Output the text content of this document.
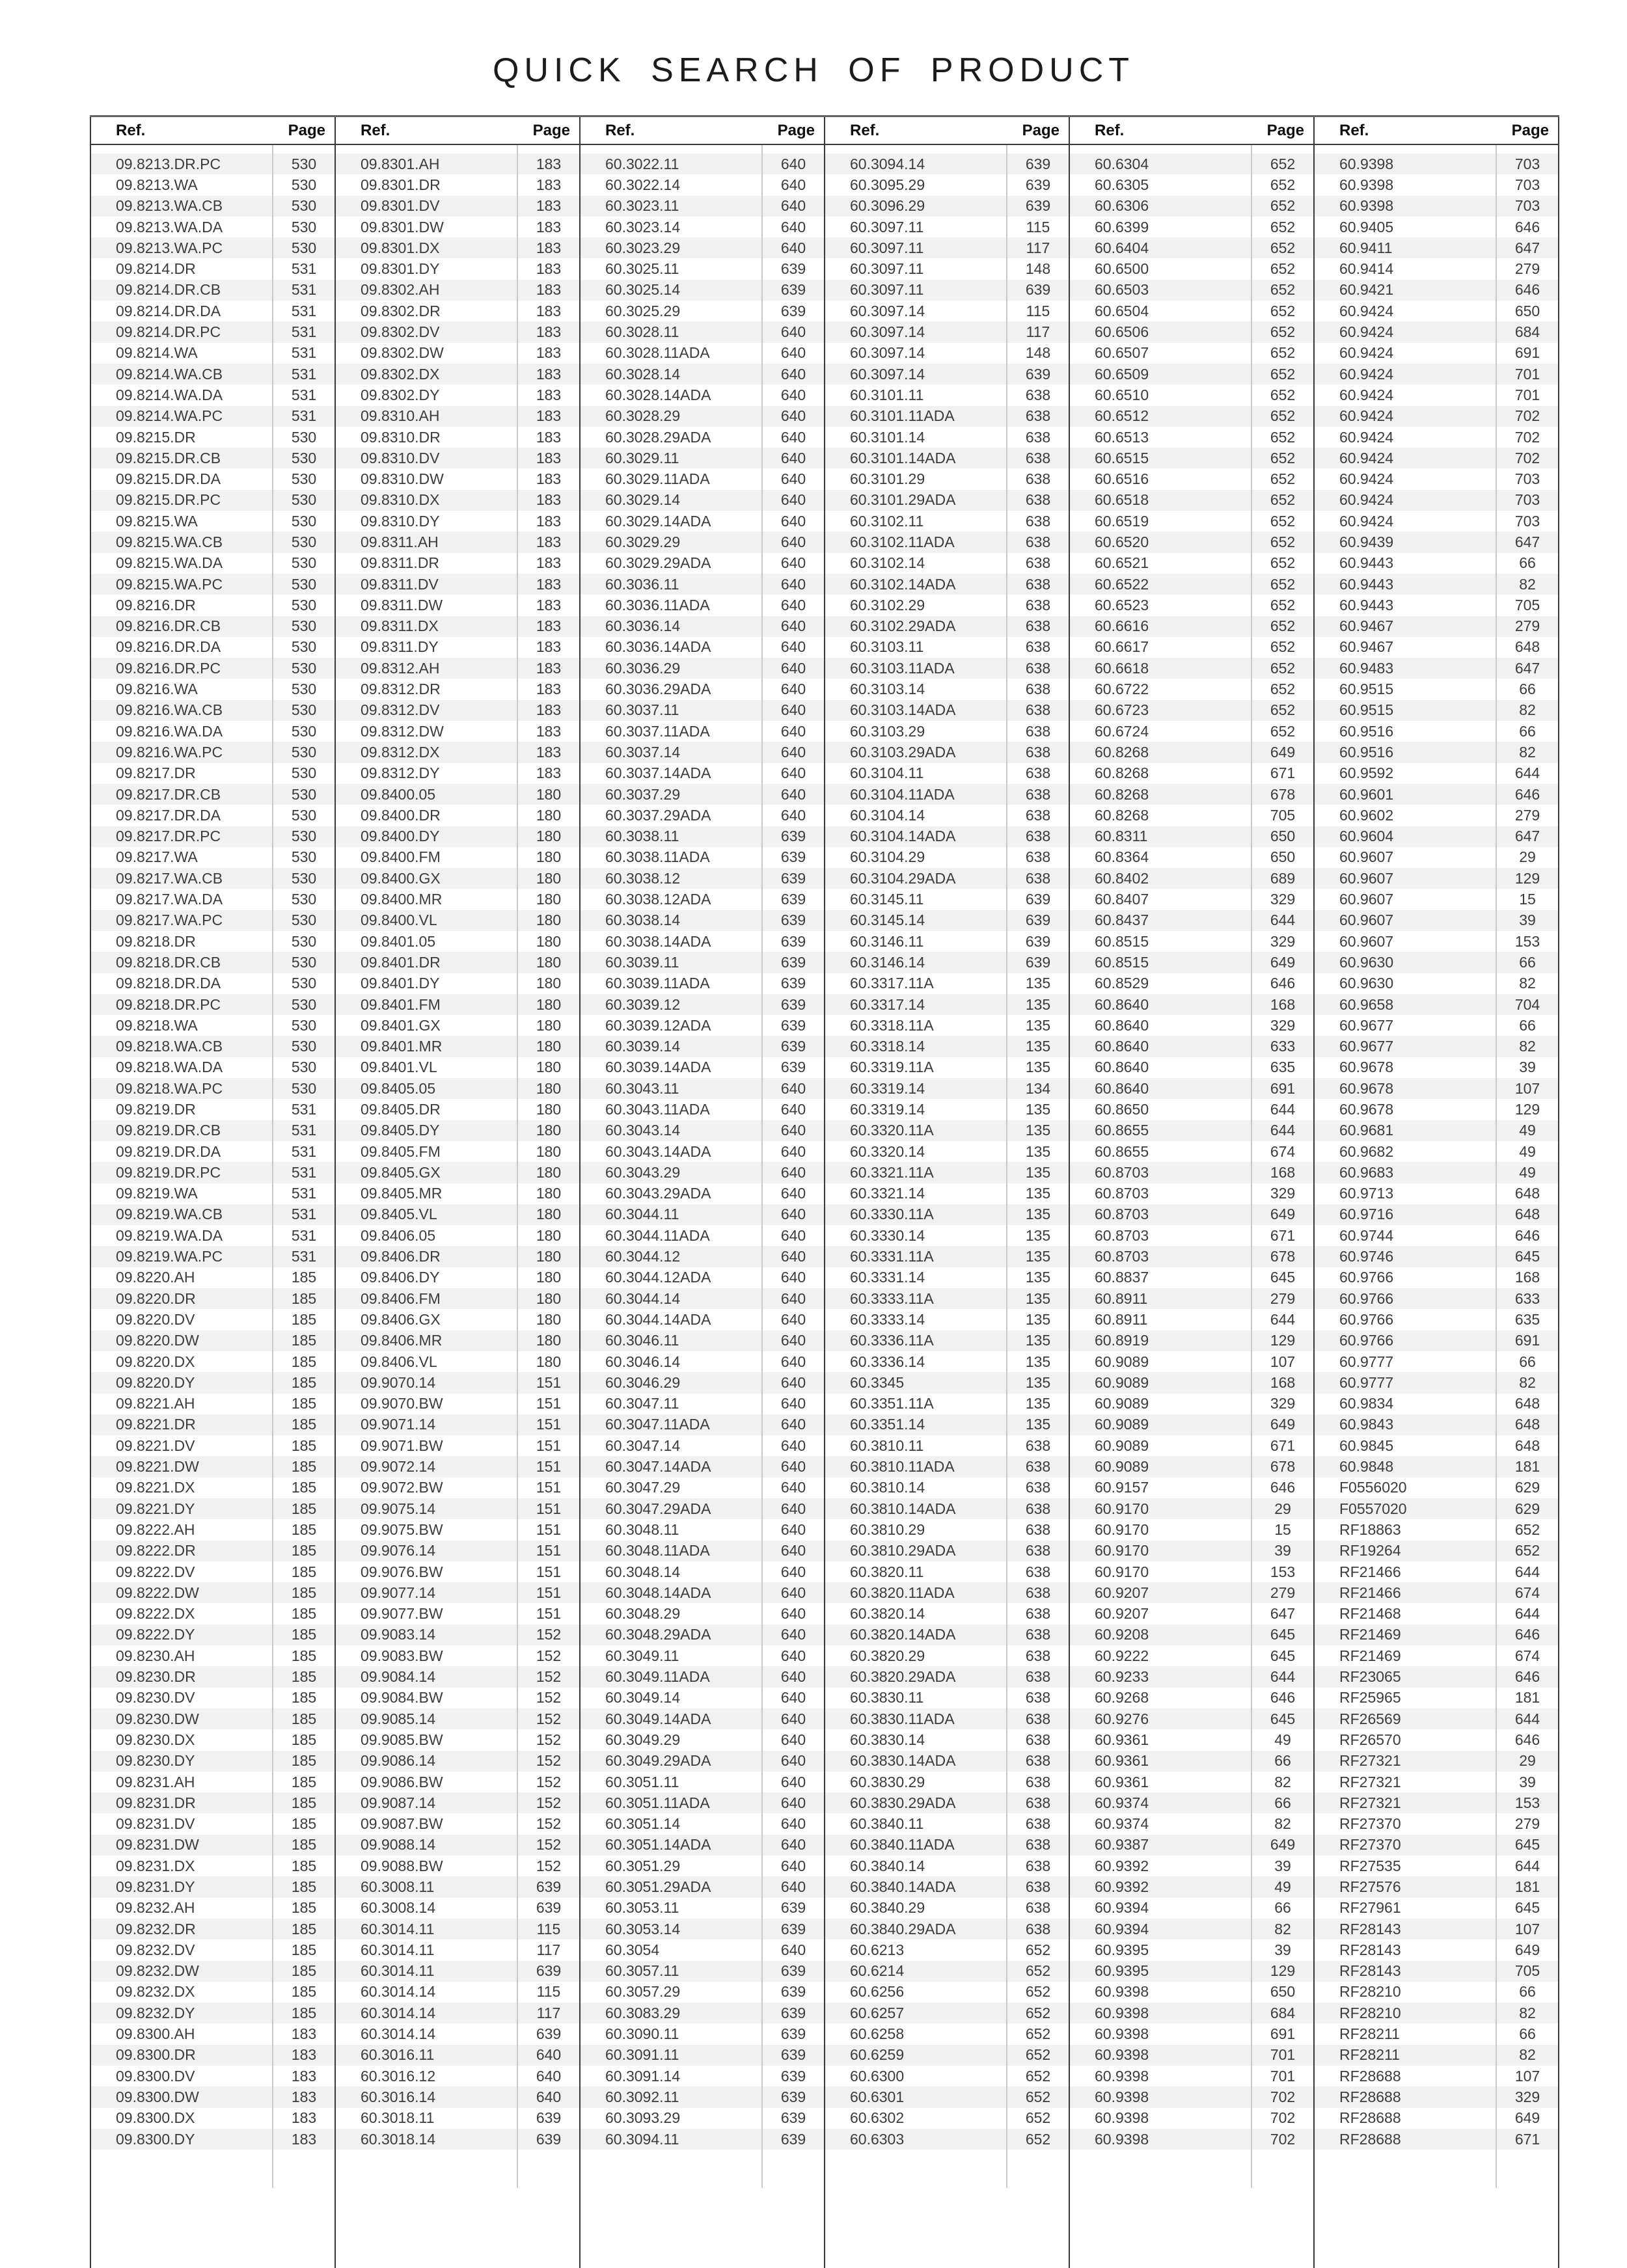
QUICK SEARCH OF PRODUCT
Ref.	Page
09.8213.DR.PC	530
09.8213.WA	530
09.8213.WA.CB	530
09.8213.WA.DA	530
09.8213.WA.PC	530
09.8214.DR	531
09.8214.DR.CB	531
09.8214.DR.DA	531
09.8214.DR.PC	531
09.8214.WA	531
09.8214.WA.CB	531
09.8214.WA.DA	531
09.8214.WA.PC	531
09.8215.DR	530
09.8215.DR.CB	530
09.8215.DR.DA	530
09.8215.DR.PC	530
09.8215.WA	530
09.8215.WA.CB	530
09.8215.WA.DA	530
09.8215.WA.PC	530
09.8216.DR	530
09.8216.DR.CB	530
09.8216.DR.DA	530
09.8216.DR.PC	530
09.8216.WA	530
09.8216.WA.CB	530
09.8216.WA.DA	530
09.8216.WA.PC	530
09.8217.DR	530
09.8217.DR.CB	530
09.8217.DR.DA	530
09.8217.DR.PC	530
09.8217.WA	530
09.8217.WA.CB	530
09.8217.WA.DA	530
09.8217.WA.PC	530
09.8218.DR	530
09.8218.DR.CB	530
09.8218.DR.DA	530
09.8218.DR.PC	530
09.8218.WA	530
09.8218.WA.CB	530
09.8218.WA.DA	530
09.8218.WA.PC	530
09.8219.DR	531
09.8219.DR.CB	531
09.8219.DR.DA	531
09.8219.DR.PC	531
09.8219.WA	531
09.8219.WA.CB	531
09.8219.WA.DA	531
09.8219.WA.PC	531
09.8220.AH	185
09.8220.DR	185
09.8220.DV	185
09.8220.DW	185
09.8220.DX	185
09.8220.DY	185
09.8221.AH	185
09.8221.DR	185
09.8221.DV	185
09.8221.DW	185
09.8221.DX	185
09.8221.DY	185
09.8222.AH	185
09.8222.DR	185
09.8222.DV	185
09.8222.DW	185
09.8222.DX	185
09.8222.DY	185
09.8230.AH	185
09.8230.DR	185
09.8230.DV	185
09.8230.DW	185
09.8230.DX	185
09.8230.DY	185
09.8231.AH	185
09.8231.DR	185
09.8231.DV	185
09.8231.DW	185
09.8231.DX	185
09.8231.DY	185
09.8232.AH	185
09.8232.DR	185
09.8232.DV	185
09.8232.DW	185
09.8232.DX	185
09.8232.DY	185
09.8300.AH	183
09.8300.DR	183
09.8300.DV	183
09.8300.DW	183
09.8300.DX	183
09.8300.DY	183
Ref.	Page
09.8301.AH	183
09.8301.DR	183
09.8301.DV	183
09.8301.DW	183
09.8301.DX	183
09.8301.DY	183
09.8302.AH	183
09.8302.DR	183
09.8302.DV	183
09.8302.DW	183
09.8302.DX	183
09.8302.DY	183
09.8310.AH	183
09.8310.DR	183
09.8310.DV	183
09.8310.DW	183
09.8310.DX	183
09.8310.DY	183
09.8311.AH	183
09.8311.DR	183
09.8311.DV	183
09.8311.DW	183
09.8311.DX	183
09.8311.DY	183
09.8312.AH	183
09.8312.DR	183
09.8312.DV	183
09.8312.DW	183
09.8312.DX	183
09.8312.DY	183
09.8400.05	180
09.8400.DR	180
09.8400.DY	180
09.8400.FM	180
09.8400.GX	180
09.8400.MR	180
09.8400.VL	180
09.8401.05	180
09.8401.DR	180
09.8401.DY	180
09.8401.FM	180
09.8401.GX	180
09.8401.MR	180
09.8401.VL	180
09.8405.05	180
09.8405.DR	180
09.8405.DY	180
09.8405.FM	180
09.8405.GX	180
09.8405.MR	180
09.8405.VL	180
09.8406.05	180
09.8406.DR	180
09.8406.DY	180
09.8406.FM	180
09.8406.GX	180
09.8406.MR	180
09.8406.VL	180
09.9070.14	151
09.9070.BW	151
09.9071.14	151
09.9071.BW	151
09.9072.14	151
09.9072.BW	151
09.9075.14	151
09.9075.BW	151
09.9076.14	151
09.9076.BW	151
09.9077.14	151
09.9077.BW	151
09.9083.14	152
09.9083.BW	152
09.9084.14	152
09.9084.BW	152
09.9085.14	152
09.9085.BW	152
09.9086.14	152
09.9086.BW	152
09.9087.14	152
09.9087.BW	152
09.9088.14	152
09.9088.BW	152
60.3008.11	639
60.3008.14	639
60.3014.11	115
60.3014.11	117
60.3014.11	639
60.3014.14	115
60.3014.14	117
60.3014.14	639
60.3016.11	640
60.3016.12	640
60.3016.14	640
60.3018.11	639
60.3018.14	639
Ref.	Page
60.3022.11	640
60.3022.14	640
60.3023.11	640
60.3023.14	640
60.3023.29	640
60.3025.11	639
60.3025.14	639
60.3025.29	639
60.3028.11	640
60.3028.11ADA	640
60.3028.14	640
60.3028.14ADA	640
60.3028.29	640
60.3028.29ADA	640
60.3029.11	640
60.3029.11ADA	640
60.3029.14	640
60.3029.14ADA	640
60.3029.29	640
60.3029.29ADA	640
60.3036.11	640
60.3036.11ADA	640
60.3036.14	640
60.3036.14ADA	640
60.3036.29	640
60.3036.29ADA	640
60.3037.11	640
60.3037.11ADA	640
60.3037.14	640
60.3037.14ADA	640
60.3037.29	640
60.3037.29ADA	640
60.3038.11	639
60.3038.11ADA	639
60.3038.12	639
60.3038.12ADA	639
60.3038.14	639
60.3038.14ADA	639
60.3039.11	639
60.3039.11ADA	639
60.3039.12	639
60.3039.12ADA	639
60.3039.14	639
60.3039.14ADA	639
60.3043.11	640
60.3043.11ADA	640
60.3043.14	640
60.3043.14ADA	640
60.3043.29	640
60.3043.29ADA	640
60.3044.11	640
60.3044.11ADA	640
60.3044.12	640
60.3044.12ADA	640
60.3044.14	640
60.3044.14ADA	640
60.3046.11	640
60.3046.14	640
60.3046.29	640
60.3047.11	640
60.3047.11ADA	640
60.3047.14	640
60.3047.14ADA	640
60.3047.29	640
60.3047.29ADA	640
60.3048.11	640
60.3048.11ADA	640
60.3048.14	640
60.3048.14ADA	640
60.3048.29	640
60.3048.29ADA	640
60.3049.11	640
60.3049.11ADA	640
60.3049.14	640
60.3049.14ADA	640
60.3049.29	640
60.3049.29ADA	640
60.3051.11	640
60.3051.11ADA	640
60.3051.14	640
60.3051.14ADA	640
60.3051.29	640
60.3051.29ADA	640
60.3053.11	639
60.3053.14	639
60.3054	640
60.3057.11	639
60.3057.29	639
60.3083.29	639
60.3090.11	639
60.3091.11	639
60.3091.14	639
60.3092.11	639
60.3093.29	639
60.3094.11	639
Ref.	Page
60.3094.14	639
60.3095.29	639
60.3096.29	639
60.3097.11	115
60.3097.11	117
60.3097.11	148
60.3097.11	639
60.3097.14	115
60.3097.14	117
60.3097.14	148
60.3097.14	639
60.3101.11	638
60.3101.11ADA	638
60.3101.14	638
60.3101.14ADA	638
60.3101.29	638
60.3101.29ADA	638
60.3102.11	638
60.3102.11ADA	638
60.3102.14	638
60.3102.14ADA	638
60.3102.29	638
60.3102.29ADA	638
60.3103.11	638
60.3103.11ADA	638
60.3103.14	638
60.3103.14ADA	638
60.3103.29	638
60.3103.29ADA	638
60.3104.11	638
60.3104.11ADA	638
60.3104.14	638
60.3104.14ADA	638
60.3104.29	638
60.3104.29ADA	638
60.3145.11	639
60.3145.14	639
60.3146.11	639
60.3146.14	639
60.3317.11A	135
60.3317.14	135
60.3318.11A	135
60.3318.14	135
60.3319.11A	135
60.3319.14	134
60.3319.14	135
60.3320.11A	135
60.3320.14	135
60.3321.11A	135
60.3321.14	135
60.3330.11A	135
60.3330.14	135
60.3331.11A	135
60.3331.14	135
60.3333.11A	135
60.3333.14	135
60.3336.11A	135
60.3336.14	135
60.3345	135
60.3351.11A	135
60.3351.14	135
60.3810.11	638
60.3810.11ADA	638
60.3810.14	638
60.3810.14ADA	638
60.3810.29	638
60.3810.29ADA	638
60.3820.11	638
60.3820.11ADA	638
60.3820.14	638
60.3820.14ADA	638
60.3820.29	638
60.3820.29ADA	638
60.3830.11	638
60.3830.11ADA	638
60.3830.14	638
60.3830.14ADA	638
60.3830.29	638
60.3830.29ADA	638
60.3840.11	638
60.3840.11ADA	638
60.3840.14	638
60.3840.14ADA	638
60.3840.29	638
60.3840.29ADA	638
60.6213	652
60.6214	652
60.6256	652
60.6257	652
60.6258	652
60.6259	652
60.6300	652
60.6301	652
60.6302	652
60.6303	652
Ref.	Page
60.6304	652
60.6305	652
60.6306	652
60.6399	652
60.6404	652
60.6500	652
60.6503	652
60.6504	652
60.6506	652
60.6507	652
60.6509	652
60.6510	652
60.6512	652
60.6513	652
60.6515	652
60.6516	652
60.6518	652
60.6519	652
60.6520	652
60.6521	652
60.6522	652
60.6523	652
60.6616	652
60.6617	652
60.6618	652
60.6722	652
60.6723	652
60.6724	652
60.8268	649
60.8268	671
60.8268	678
60.8268	705
60.8311	650
60.8364	650
60.8402	689
60.8407	329
60.8437	644
60.8515	329
60.8515	649
60.8529	646
60.8640	168
60.8640	329
60.8640	633
60.8640	635
60.8640	691
60.8650	644
60.8655	644
60.8655	674
60.8703	168
60.8703	329
60.8703	649
60.8703	671
60.8703	678
60.8837	645
60.8911	279
60.8911	644
60.8919	129
60.9089	107
60.9089	168
60.9089	329
60.9089	649
60.9089	671
60.9089	678
60.9157	646
60.9170	29
60.9170	15
60.9170	39
60.9170	153
60.9207	279
60.9207	647
60.9208	645
60.9222	645
60.9233	644
60.9268	646
60.9276	645
60.9361	49
60.9361	66
60.9361	82
60.9374	66
60.9374	82
60.9387	649
60.9392	39
60.9392	49
60.9394	66
60.9394	82
60.9395	39
60.9395	129
60.9398	650
60.9398	684
60.9398	691
60.9398	701
60.9398	701
60.9398	702
60.9398	702
60.9398	702
Ref.	Page
60.9398	703
60.9398	703
60.9398	703
60.9405	646
60.9411	647
60.9414	279
60.9421	646
60.9424	650
60.9424	684
60.9424	691
60.9424	701
60.9424	701
60.9424	702
60.9424	702
60.9424	702
60.9424	703
60.9424	703
60.9424	703
60.9439	647
60.9443	66
60.9443	82
60.9443	705
60.9467	279
60.9467	648
60.9483	647
60.9515	66
60.9515	82
60.9516	66
60.9516	82
60.9592	644
60.9601	646
60.9602	279
60.9604	647
60.9607	29
60.9607	129
60.9607	15
60.9607	39
60.9607	153
60.9630	66
60.9630	82
60.9658	704
60.9677	66
60.9677	82
60.9678	39
60.9678	107
60.9678	129
60.9681	49
60.9682	49
60.9683	49
60.9713	648
60.9716	648
60.9744	646
60.9746	645
60.9766	168
60.9766	633
60.9766	635
60.9766	691
60.9777	66
60.9777	82
60.9834	648
60.9843	648
60.9845	648
60.9848	181
F0556020	629
F0557020	629
RF18863	652
RF19264	652
RF21466	644
RF21466	674
RF21468	644
RF21469	646
RF21469	674
RF23065	646
RF25965	181
RF26569	644
RF26570	646
RF27321	29
RF27321	39
RF27321	153
RF27370	279
RF27370	645
RF27535	644
RF27576	181
RF27961	645
RF28143	107
RF28143	649
RF28143	705
RF28210	66
RF28210	82
RF28211	66
RF28211	82
RF28688	107
RF28688	329
RF28688	649
RF28688	671
